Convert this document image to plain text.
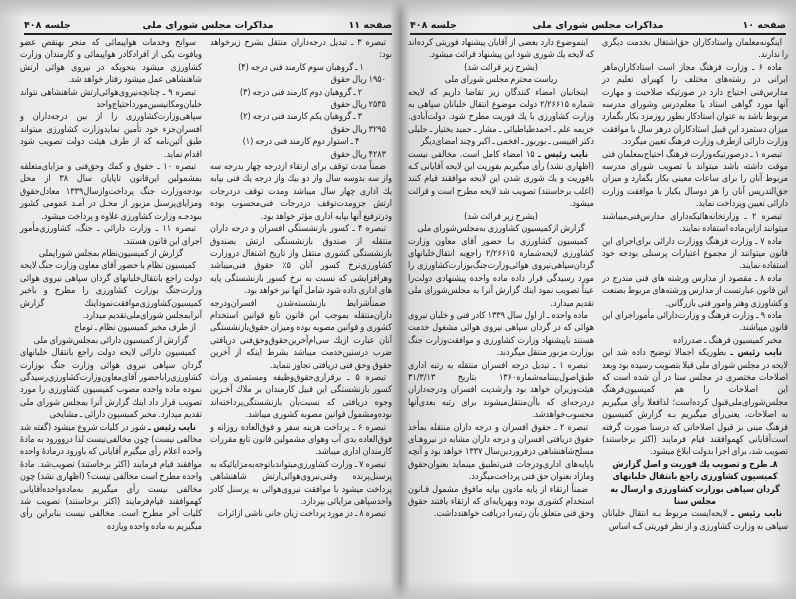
صفحه ۱۱
مذاکرات مجلس شورای ملی
جلسه ۴۰۸

تبصره ۳ ـ تبدیل درجه‌داران منتقل بشرح زیرخواهد بود:

۱ ـ گروهبان سوم کارمند فنی درجه (۴)

۱۹۵۰ ریال حقوق

۲ ـ گروهبان دوم کارمند فنی درجه (۳)

۲۵۳۵ ریال حقوق

۳ ـ گروهبان یکم کارمند فنی درجه (۲)

۳۲۹۵ ریال حقوق

۴ ـ استوار دوم کارمند فنی درجه (۱)

۴۲۸۳ ریال حقوق

ضمناً مدت توقف برای ارتقاء ازدرجه چهار بدرجه سه واز سه بدوسه سال واز دو بیك واز درجه یك فنی بپایه یك اداری چهار سال میباشد ومدت توقف دردرجات ارتش جزومدت‌توقف دردرجات فنی‌محسوب بوده ودرترفیع آنها بپایه اداری مؤثر خواهد بود.

تبصره ۴ ـ کسور بازنشستگی افسران و درجه داران منتقله از صندوق بازنشستگی ارتش بصندوق بازنشستگی کشوری منتقل واز تاریخ اشتغال دروزارت کشاورزی‌نرخ کسور آنان ۵٪ حقوق فنی‌میباشد وهرافزایشی که نسبت به نرخ کسور بازنشستگی پایه های اداری داده شود شامل آنها نیز خواهد بود.

ضمناً‌شرایط بازنشسته‌شدن افسران‌ودرجه داران‌منتقله بموجب این قانون تابع قوانین استخدام کشوری و قوانین مصوبه بوده ومیزان حقوق‌بازنشستگی آنان عبارت ازیك سی‌ام‌آخرین‌حقوق‌وحق‌فنی دریافتی ضرب درسنین‌خدمت میباشد بشرط اینکه از آخرین حقوق وحق فنی دریافتی تجاوز ننماید.

تبصره ۵ ـ برقراری‌حقوق‌وظیفه ومستمری وراث کسور بازنشستگی این قبیل کارمندان بر ملاك آخـرین وجوه دریافتی که نسبت‌بآن بازنشستگی‌پرداخته‌اند بوده‌ومشمول قوانین مصوبه کشوری میباشد.

تبصره ۶ ـ پرداخت هزینه سفر و فوق‌العاده روزانه و فوق‌العاده بدی آب وهوای مشمولین قانون تابع مقررات کارمندان اداری میباشد.

تبصره ۷ ـ وزارت کشاورزی‌میتواند‌باتوجه‌به‌مزایائیکه به پرسنل‌پرنده وفنی‌نیروی‌هوائی‌ارتش شاهنشاهی پرداخت میشود با موافقت نیروی‌هوائی به پرسنل کادر واحدسپاهی مزایائی بپردازد.

تبصره ۸ ـ در مورد پرداخت زیان جانی ناشی ازاثرات

سوانح وخدمات هواپیمائی که منجر بهنقص عضو ویافوت یکی از افرادکادر هواپیمائی و کارمندان وزارت کشاورزی میشود بنحویکه در نیروی هوائی ارتش شاهنشاهی عمل میشود رفتار خواهد شد.

تبصره ۹ ـ چنانچه‌نیروی‌هوائی‌ارتش شاهنشاهی نتواند خلبان‌ومکانیسین‌مورداحتیاج‌واحد سپاهی‌وزارت‌کشاورزی را از بین درجه‌داران و افسران‌جزء خود تأمین نمایدوزارت کشاورزی میتواند طبق آئین‌نامه که از طرف هیئت دولت تصویب شود اقدام نماید.

تبصره ۱۰ ـ حقوق و کمك وحق‌فنی و مزایای‌متعلقه بمشمولین این‌قانون تاپایان سال ۳۸ از محل بودجه‌وزارت جنگ پرداخت‌وازسال۱۳۳۹ معادل‌حقوق ومزایای‌پرسنل مزبور از محـل در آمـد عمومی کشور ببودجـه وزارت کشاورزی علاوه و پرداخت میشود.

تبصره ۱۱ ـ وزارت دارائی ـ جنگ، کشاورزی‌مأمور اجرای این قانون هستند.

گزارش از کمیسیون‌نظام بمجلس شورایملی

کمیسیون نظام با حضور آقای معاون وزارت جنگ لایحه دولت راجع بانتقال‌خلبانهای گردان سپاهی نیروی هوائی وزارت‌جنگ بوزارت کشاورزی را مطرح و باخبر کمیسیون‌کشاورزی‌موافقت‌نمود‌اینك گزارش آنرا‌بمجلس شورای‌ملی‌تقدیم میدارد.

از طرف مخبر کمیسیون نظام ـ توماج

گزارش از کمیسیون دارائی بمجلس‌شورای ملی

کمیسیون دارائی لایحه دولت راجع بانتقال خلبانهای گردان سپاهی نیروی هوائی وزارت جنگ بوزارت کشاورزی‌راباحضور آقای‌معاون‌وزارت‌کشاورزی‌رسیدگی نموده ماده واحده مصوب کمیسیون کشاورزی را مورد تصویب قرار داد اینك گزارش آنرا بمجلس شورای ملی تقدیم میدارد. مخبر کمیسیون دارائی ـ مشایخی

نایب رئیس ـ شور در کلیات شروع میشود (گفته شد مخالفی نیست) چون مخالفی‌نیست لذا دروورود به مادهٔ واحده اعلام رأی میگیرم آقایانی که باورود درمادهٔ واحده موافقند قیام فرمایند (اکثر برخاستند) تصویب‌شد. مادهٔ واحده مطرح است مخالفی نیست؟ (اظهاری نشد) چون مخالفی نیست رأی میگیریم به‌ماده‌واحده‌آقایانی کهموافقند قیام‌فرمایند (اکثر برخاستند) تصویب شد کلیات آخر مطرح است. مخالفی نیست بنابراین رأی میگیریم به ماده واحده وپازده

صفحه ۱۰
مذاکرات مجلس شورای ملی
جلسه ۴۰۸

اینگونه‌معلمان واستادکاران حق‌اشتغال بخدمت دیگری را ندارند.

ماده ۶ ـ وزارت فرهنگ مجاز است استادکاران‌ماهر ایرانی در رشته‌های مختلف را کهبرای تعلیم در مدارس‌فنی احتیاج دارد در صورتیکه صلاحیت و مهارت آنها مورد گواهی استاد یا معلم‌درس وشورای مدرسه مربوط باشد به عنوان استادکار بطور روزمزد بکار بگمارد میزان دستمزد این قبیل استادکاران درهر سال با موافقت وزارت دارائی ازطرف وزارت فرهنگ تعیین میگردد.

تبصره ۱ ـ درصورتیکه‌وزارت فرهنگ احتیاج‌بمعلمان فنی موقت داشته باشد میتواند با تصویب شورای مدرسه مربوط آنان را برای ساعات معینی بکار بگمارد و میزان حق‌التدریس آنان را هر دوسال یکبار با موافقت وزارت دارائی تعیین وپرداخت نماید.

تبصره ۲ ـ وزارتخانه‌هائیکه‌دارای مدارس‌فنی‌میباشند میتوانند ازاین‌ماده استفاده نمایند.

ماده ۷ ـ وزارت فرهنگ ووزارت دارائی برای‌اجرای این قانون میتوانند از مجموع اعتبارات پرسنلی بودجه خود استفاده نمایند.

ماده ۸ ـ مقصود از مدارس ورشته های فنی مندرج در این قانون عبارتست از مدارس ورشته‌های مربوط بصنعت و کشاورزی وهنر وامور فنی بازرگانی.

ماده ۹ ـ وزارت فرهنگ و وزارت‌دارائی مأموراجرای این قانون میباشند.

مخبر کمیسیون فرهنگ ـ صدرزاده

نایب رئیس ـ بطوریکه اجمالا توضیح داده شد این لایحه در مجلس شورای ملی قبلا بتصویب رسیده بود وبعد اصلاحات مختصری در مجلس سنا در آن شده است که این اصلاحات را هم کمیسیون‌فرهنگ مجلس‌شورای‌ملی‌قبول کرده‌است؛ لذافعلا رأی میگیریم به اصلاحات، یعنی‌رأی میگیریم بـه گزارش کمیسیون فرهنگ مبنی بر قبول اصلاحاتی که درسنا صورت گرفته است‌آقایانی کهموافقند قیام فرمایند (اکثر برخاستند) تصویب شد، برای اجرا بدولت ابلاغ میشود.

۸ـ طرح و تصویب یك فوریت و اصل گزارش کمیسیون کشاورزی راجع بانتقال خلبانهای گردان سپاهی بوزارت کشاورزی و ارسال به مجلس سنا

نایب رئیس ـ لایحه‌ایست مربوط بـه انتقال خلبانان سپاهی به وزارت کشاورزی و از نظر فوریتی کـه اساس

اینموضوع دارد بعضی از آقایان پیشنهاد فوریتی کرده‌اند که لایحه یك شوری شود این پیشنهاد قرائت میشود.

(بشرح زیر قرائت شد)

ریاست محترم مجلس شورای ملی

اینجانبان امضاء کنندگان زیر تقاضا داریم که لایحه شماره ۲/۲۶۶۱۵ دولت موضوع انتقال خلبانان سپاهی به وزارت کشاورزی با یك فوریت مطرح شود. دولت‌آبادی. خزیمه علم ـ احمدطباطبائی ـ مشار ـ حمید بختیار ـ جلیلی دکتر اقبیسی ـ بوربور ـ افخمی ـ اکبر وچند امضای‌دیگر

نایب رئیس ـ ۱۵ امضاء کامل است. مخالفی نیست (اظهاری نشد) رأی میگیریم بفوریت این لایحه آقایانی کـه بافوریت و یك شوری شدن این لایحه موافقند قیام کنند (اغلب برخاستند) تصویب شد لایحه مطرح است و قرائت میشود.

(بشرح زیر قرائت شد)

گزارش ازکمیسیون کشاورزی به‌مجلس‌شورای ملی

کمیسیون کشاورزی بـا حضور آقای معاون وزارت کشاورزی لایحه‌شماره ۲/۲۶۶۱۵ راجع‌به انتقال‌خلبانهای گردان‌سپاهی‌نیروی هوائی‌وزارت‌جنگ‌بوزارت‌کشاورزی را مورد رسیدگی قرار داده ماده واحده پیشنهادی دولت‌را عیناً تصویب نمود اینك گزارش آنرا به مجلس‌شورای ملی تقدیم میدارد.

ماده واحده ـ از اول سال ۱۳۳۹ کادر فنی و خلبان نیروی هوائی که در گردان سپاهی نیروی هوائی مشغول خدمت هستند باپیشنهاد وزارت کشاورزی و موافقت‌وزارت جنگ بوزارت مزبور منتقل میگردند.

تبصره ۱ ـ تبدیل درجه افسران منتقله به رتبه اداری طبق‌اصول‌بیننامه‌شماره۱۳۶۰ بتاریخ ۳۱/۳/۱۳ هیئت‌وزیران خواهد بود وارشدیت افسران ودرجه‌داران دردرجه‌ای که باآن‌منتقل‌میشوند برای رتبه بعدی‌آنها محسوب‌خواهدشد.

تبصره ۲ ـ حقوق افسران و درجه داران منتقله بمأخذ حقوق دریافتی افسران و درجه داران مشابه در نیروهـای مسلح‌شاهنشاهی درفروردین‌سال ۱۳۳۷ خواهد بود و آنچه باپایه‌های اداری‌ودرجات فنی‌تطبیق مینماید بعنوان‌حقوق ومازاد بعنوان حق فنی پرداخت‌میگردد.

ضمناً ارتقاء از پایه مادون بپایه مافوق مشمول قـانون استخدام کشوری بوده وبهرپایه‌ای که ارتقاء یافتند حقوق وحق فنی متعلق بآن رتبه‌را دریافت خواهندداشت.
